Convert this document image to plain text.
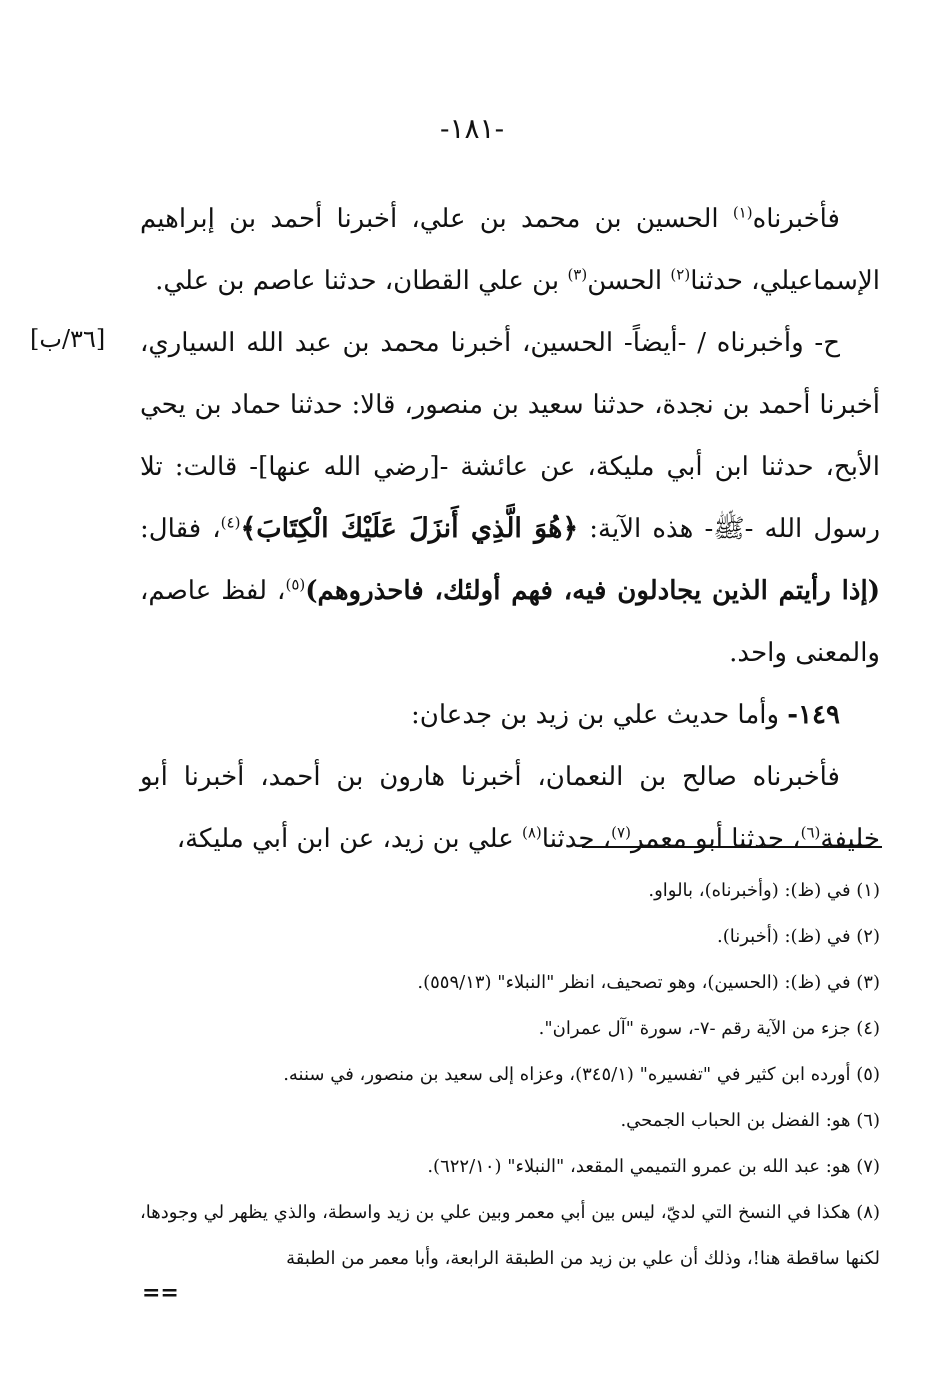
-١٨١-
[٣٦/ب]

فأخبرناه$^{(١)}$ الحسين بن محمد بن علي، أخبرنا أحمد بن إبراهيم الإسماعيلي، حدثنا$^{(٢)}$ الحسن$^{(٣)}$ بن علي القطان، حدثنا عاصم بن علي.

ح- وأخبرناه / -أيضاً- الحسين، أخبرنا محمد بن عبد الله السياري، أخبرنا أحمد بن نجدة، حدثنا سعيد بن منصور، قالا: حدثنا حماد بن يحي الأبح، حدثنا ابن أبي مليكة، عن عائشة -[رضي الله عنها]- قالت: تلا رسول الله -ﷺ- هذه الآية: ﴿هُوَ الَّذِي أَنزَلَ عَلَيْكَ الْكِتَابَ﴾$^{(٤)}$، فقال: (إذا رأيتم الذين يجادلون فيه، فهم أولئك، فاحذروهم)$^{(٥)}$، لفظ عاصم، والمعنى واحد.

١٤٩- وأما حديث علي بن زيد بن جدعان:

فأخبرناه صالح بن النعمان، أخبرنا هارون بن أحمد، أخبرنا أبو خليفة$^{(٦)}$، حدثنا أبو معمر$^{(٧)}$، حدثنا$^{(٨)}$ علي بن زيد، عن ابن أبي مليكة،

(١) في (ظ): (وأخبرناه)، بالواو.

(٢) في (ظ): (أخبرنا).

(٣) في (ظ): (الحسين)، وهو تصحيف، انظر "النبلاء" (٥٥٩/١٣).

(٤) جزء من الآية رقم -٧-، سورة "آل عمران".

(٥) أورده ابن كثير في "تفسيره" (٣٤٥/١)، وعزاه إلى سعيد بن منصور، في سننه.

(٦) هو: الفضل بن الحباب الجمحي.

(٧) هو: عبد الله بن عمرو التميمي المقعد، "النبلاء" (٦٢٢/١٠).

(٨) هكذا في النسخ التي لديّ، ليس بين أبي معمر وبين علي بن زيد واسطة، والذي يظهر لي وجودها، لكنها ساقطة هنا!، وذلك أن علي بن زيد من الطبقة الرابعة، وأبا معمر من الطبقة

==
